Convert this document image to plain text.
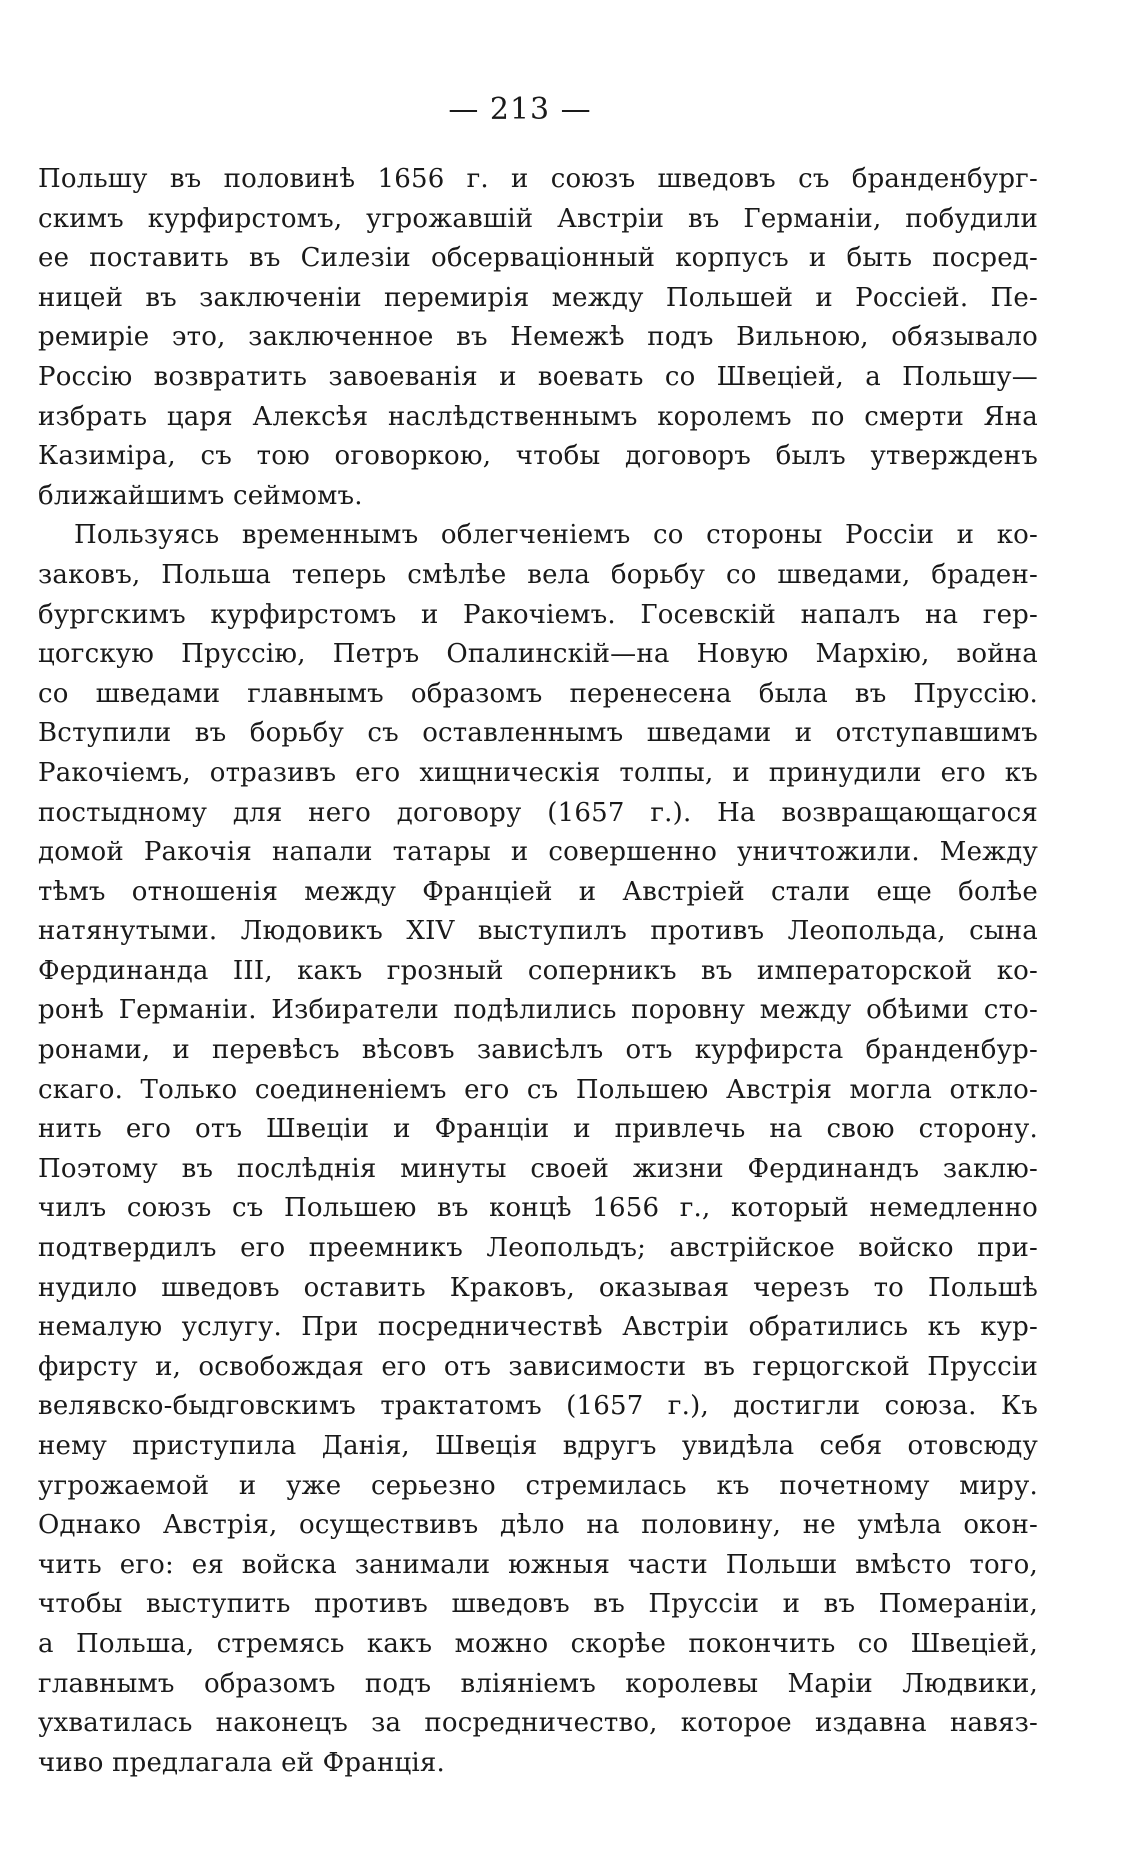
— 213 —
Польшу въ половинѣ 1656 г. и союзъ шведовъ съ бранденбург-
скимъ курфирстомъ, угрожавшій Австріи въ Германіи, побудили
ее поставить въ Силезіи обсерваціонный корпусъ и быть посред-
ницей въ заключеніи перемирія между Польшей и Россіей. Пе-
ремиріе это, заключенное въ Немежѣ подъ Вильною, обязывало
Россію возвратить завоеванія и воевать со Швеціей, а Польшу—
избрать царя Алексѣя наслѣдственнымъ королемъ по смерти Яна
Казиміра, съ тою оговоркою, чтобы договоръ былъ утвержденъ
ближайшимъ сеймомъ.
Пользуясь временнымъ облегченіемъ со стороны Россіи и ко-
заковъ, Польша теперь смѣлѣе вела борьбу со шведами, браден-
бургскимъ курфирстомъ и Ракочіемъ. Госевскій напалъ на гер-
цогскую Пруссію, Петръ Опалинскій—на Новую Мархію, война
со шведами главнымъ образомъ перенесена была въ Пруссію.
Вступили въ борьбу съ оставленнымъ шведами и отступавшимъ
Ракочіемъ, отразивъ его хищническія толпы, и принудили его къ
постыдному для него договору (1657 г.). На возвращающагося
домой Ракочія напали татары и совершенно уничтожили. Между
тѣмъ отношенія между Франціей и Австріей стали еще болѣе
натянутыми. Людовикъ XIV выступилъ противъ Леопольда, сына
Фердинанда III, какъ грозный соперникъ въ императорской ко-
ронѣ Германіи. Избиратели подѣлились поровну между обѣими сто-
ронами, и перевѣсъ вѣсовъ зависѣлъ отъ курфирста бранденбур-
скаго. Только соединеніемъ его съ Польшею Австрія могла откло-
нить его отъ Швеціи и Франціи и привлечь на свою сторону.
Поэтому въ послѣднія минуты своей жизни Фердинандъ заклю-
чилъ союзъ съ Польшею въ концѣ 1656 г., который немедленно
подтвердилъ его преемникъ Леопольдъ; австрійское войско при-
нудило шведовъ оставить Краковъ, оказывая черезъ то Польшѣ
немалую услугу. При посредничествѣ Австріи обратились къ кур-
фирсту и, освобождая его отъ зависимости въ герцогской Пруссіи
велявско-быдговскимъ трактатомъ (1657 г.), достигли союза. Къ
нему приступила Данія, Швеція вдругъ увидѣла себя отовсюду
угрожаемой и уже серьезно стремилась къ почетному миру.
Однако Австрія, осуществивъ дѣло на половину, не умѣла окон-
чить его: ея войска занимали южныя части Польши вмѣсто того,
чтобы выступить противъ шведовъ въ Пруссіи и въ Помераніи,
а Польша, стремясь какъ можно скорѣе покончить со Швеціей,
главнымъ образомъ подъ вліяніемъ королевы Маріи Людвики,
ухватилась наконецъ за посредничество, которое издавна навяз-
чиво предлагала ей Франція.
